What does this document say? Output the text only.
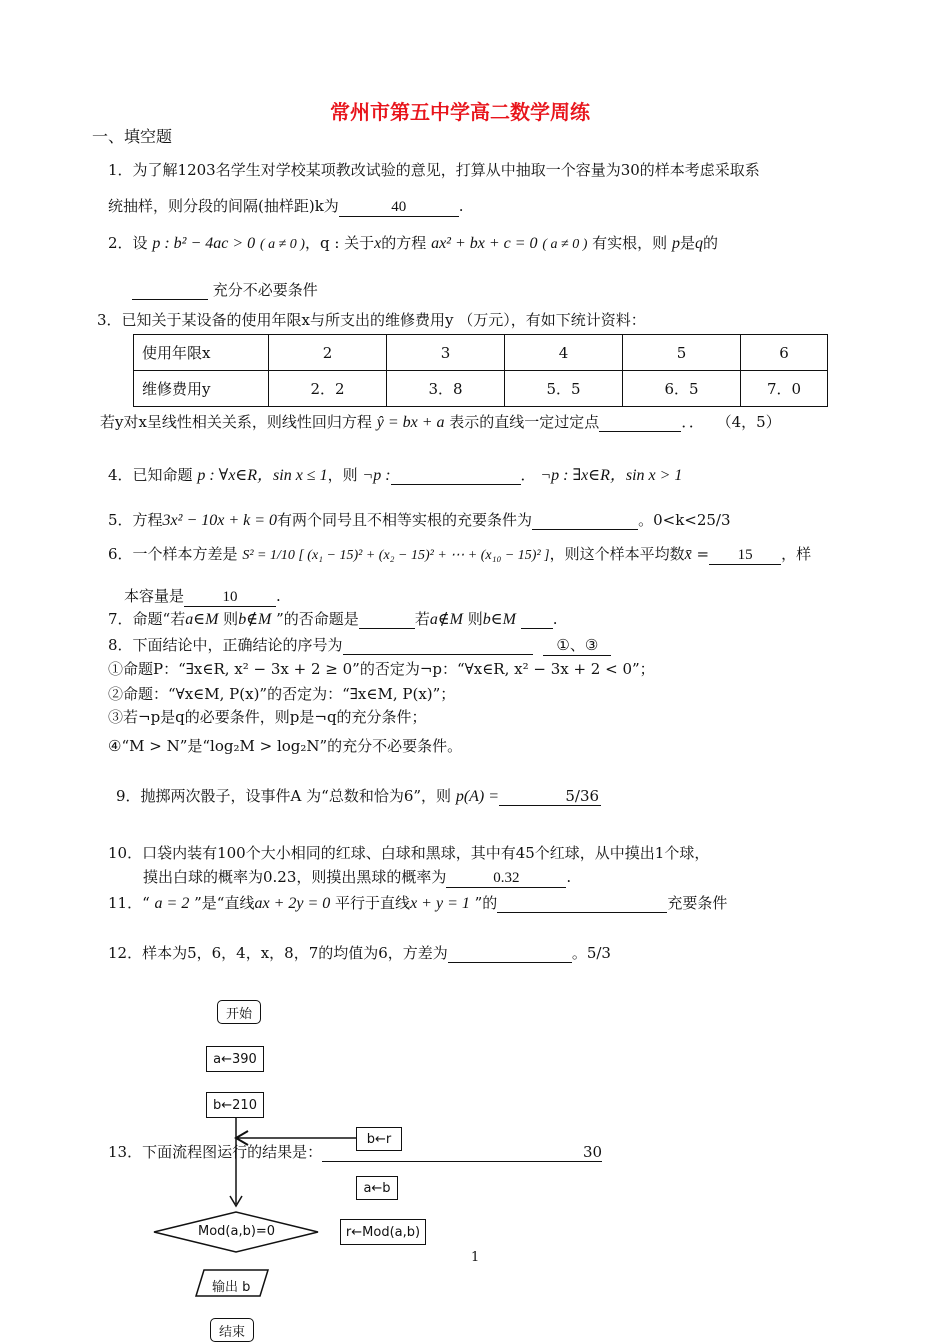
常州市第五中学高二数学周练
一、填空题
1．为了解1203名学生对学校某项教改试验的意见，打算从中抽取一个容量为30的样本考虑采取系
统抽样，则分段的间隔(抽样距)k为	40	.
2．设 p : b² − 4ac > 0 ( a ≠ 0 )，q : 关于x的方程 ax² + bx + c = 0 ( a ≠ 0 ) 有实根，则 p是q的
充分不必要条件
3．已知关于某设备的使用年限x与所支出的维修费用y （万元），有如下统计资料：
使用年限x	2	3	4	5	6
维修费用y	2．2	3．8	5．5	6．5	7．0
若y对x呈线性相关关系，则线性回归方程 ŷ = bx + a 表示的直线一定过定点	．． （4，5）
4．已知命题 p : ∀x∈R，sin x ≤ 1，则 ¬p :	． ¬p : ∃x∈R，sin x > 1
5．方程3x² − 10x + k = 0有两个同号且不相等实根的充要条件为	。0<k<25/3
6．一个样本方差是 S² = 1/10 [ (x₁ − 15)² + (x₂ − 15)² + ⋯ + (x₁₀ − 15)² ]，则这个样本平均数x̄ = 15 ，样
本容量是	10	.
7．命题“若a∈M 则b∉M ”的否命题是	若a∉M 则b∈M .
8．下面结论中，正确结论的序号为	①、③
①命题P：“∃x∈R, x² − 3x + 2 ≥ 0”的否定为¬p：“∀x∈R, x² − 3x + 2 < 0”；
②命题：“∀x∈M, P(x)”的否定为：“∃x∈M, P(x)”；
③若¬p是q的必要条件，则p是¬q的充分条件；
④“M > N”是“log₂M > log₂N”的充分不必要条件。
9．抛掷两次骰子，设事件A 为“总数和恰为6”，则 p(A) =	5/36
10．口袋内装有100个大小相同的红球、白球和黑球，其中有45个红球，从中摸出1个球，
摸出白球的概率为0.23，则摸出黑球的概率为	0.32	.
11．“ a = 2 ”是“直线ax + 2y = 0 平行于直线x + y = 1 ”的	充要条件
12．样本为5，6，4，x，8，7的均值为6，方差为	。5/3
13．下面流程图运行的结果是：	30
开始
a←390
b←210
b←r
a←b
Mod(a,b)=0	r←Mod(a,b)
输出 b
结束
1
